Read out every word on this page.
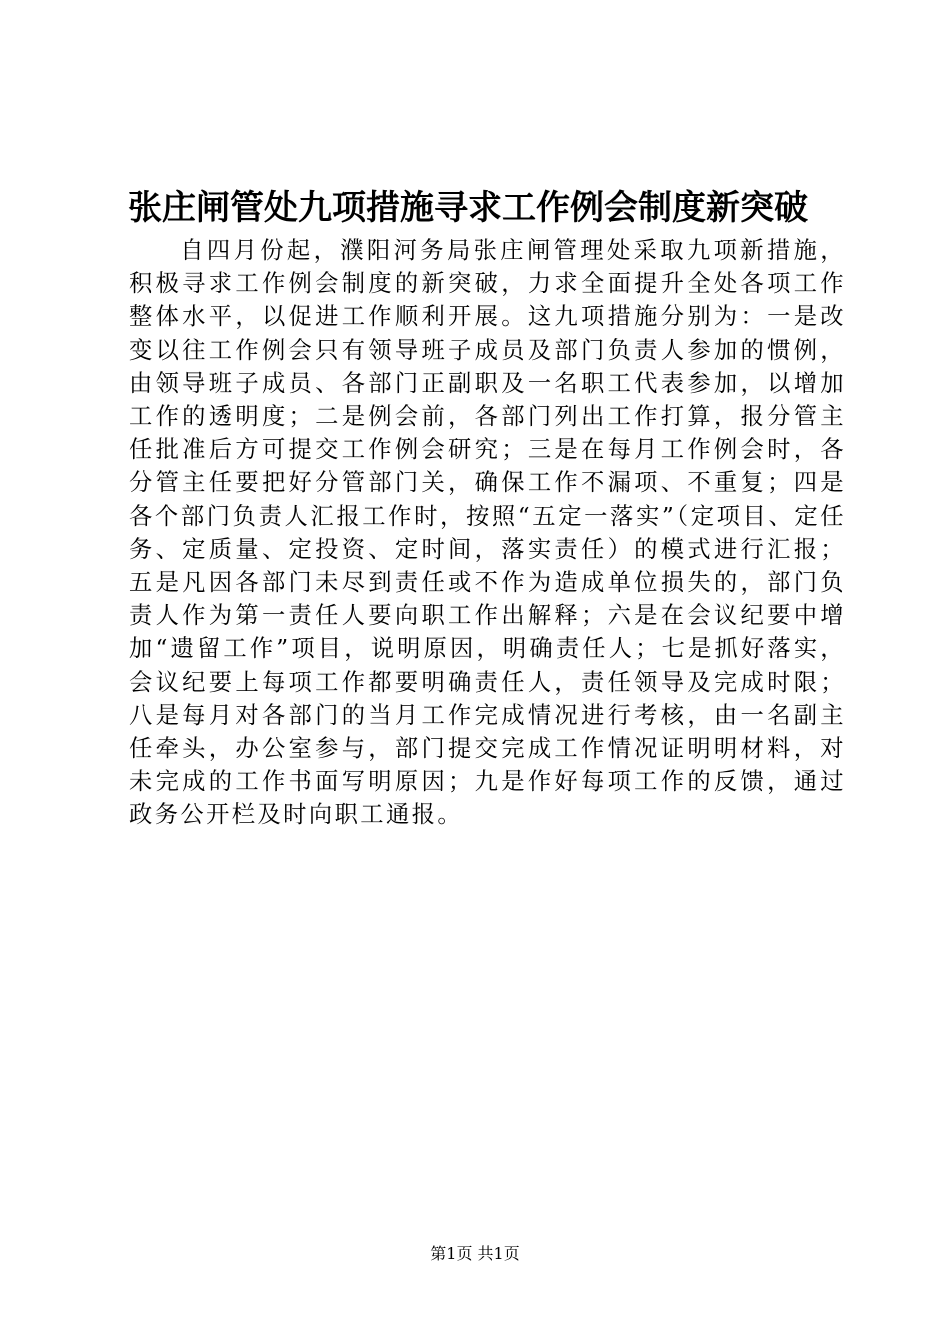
张庄闸管处九项措施寻求工作例会制度新突破
自四月份起，濮阳河务局张庄闸管理处采取九项新措施，积极寻求工作例会制度的新突破，力求全面提升全处各项工作整体水平，以促进工作顺利开展。这九项措施分别为：一是改变以往工作例会只有领导班子成员及部门负责人参加的惯例，由领导班子成员、各部门正副职及一名职工代表参加，以增加工作的透明度；二是例会前，各部门列出工作打算，报分管主任批准后方可提交工作例会研究；三是在每月工作例会时，各分管主任要把好分管部门关，确保工作不漏项、不重复；四是各个部门负责人汇报工作时，按照“五定一落实”（定项目、定任务、定质量、定投资、定时间，落实责任）的模式进行汇报；五是凡因各部门未尽到责任或不作为造成单位损失的，部门负责人作为第一责任人要向职工作出解释；六是在会议纪要中增加“遗留工作”项目，说明原因，明确责任人；七是抓好落实，会议纪要上每项工作都要明确责任人，责任领导及完成时限；八是每月对各部门的当月工作完成情况进行考核，由一名副主任牵头，办公室参与，部门提交完成工作情况证明明材料，对未完成的工作书面写明原因；九是作好每项工作的反馈，通过政务公开栏及时向职工通报。
第1页 共1页
